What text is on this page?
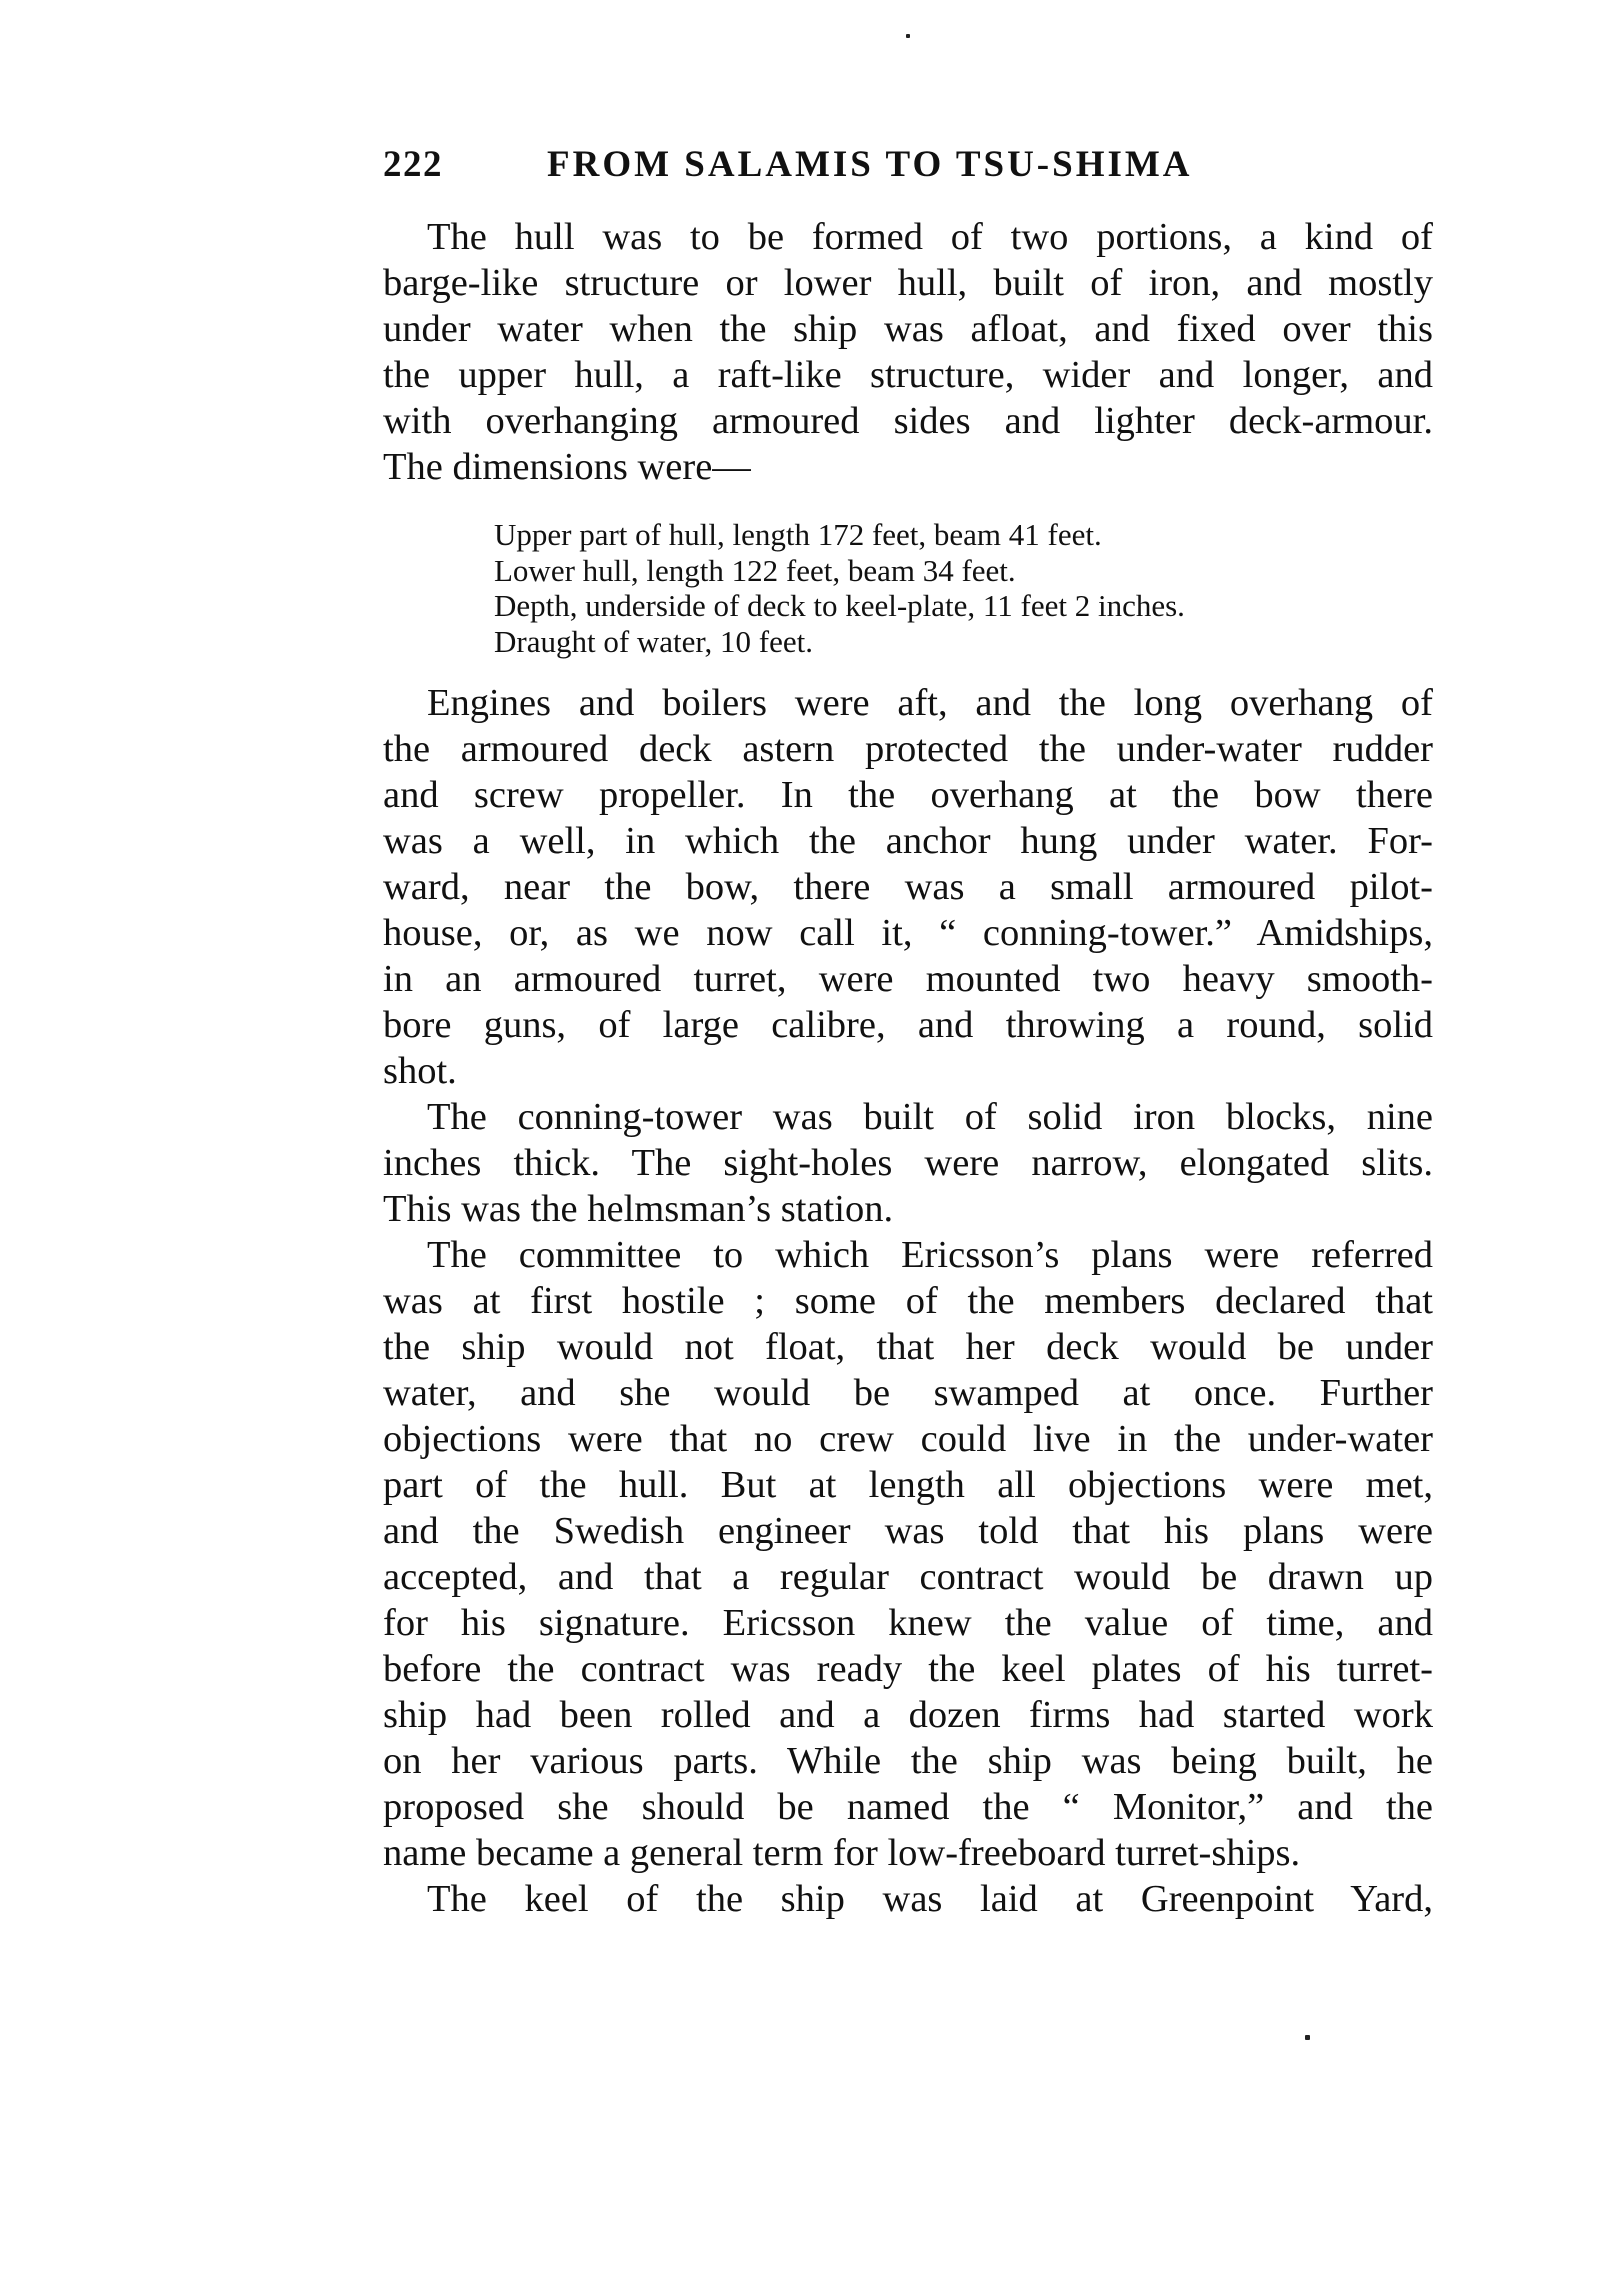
222	FROM SALAMIS TO TSU-SHIMA
The hull was to be formed of two portions, a kind of
barge-like structure or lower hull, built of iron, and mostly
under water when the ship was afloat, and fixed over this
the upper hull, a raft-like structure, wider and longer, and
with overhanging armoured sides and lighter deck-armour.
The dimensions were—
Upper part of hull, length 172 feet, beam 41 feet.
Lower hull, length 122 feet, beam 34 feet.
Depth, underside of deck to keel-plate, 11 feet 2 inches.
Draught of water, 10 feet.
Engines and boilers were aft, and the long overhang of
the armoured deck astern protected the under-water rudder
and screw propeller. In the overhang at the bow there
was a well, in which the anchor hung under water. For-
ward, near the bow, there was a small armoured pilot-
house, or, as we now call it, “ conning-tower.” Amidships,
in an armoured turret, were mounted two heavy smooth-
bore guns, of large calibre, and throwing a round, solid
shot.
The conning-tower was built of solid iron blocks, nine
inches thick. The sight-holes were narrow, elongated slits.
This was the helmsman’s station.
The committee to which Ericsson’s plans were referred
was at first hostile ; some of the members declared that
the ship would not float, that her deck would be under
water, and she would be swamped at once. Further
objections were that no crew could live in the under-water
part of the hull. But at length all objections were met,
and the Swedish engineer was told that his plans were
accepted, and that a regular contract would be drawn up
for his signature. Ericsson knew the value of time, and
before the contract was ready the keel plates of his turret-
ship had been rolled and a dozen firms had started work
on her various parts. While the ship was being built, he
proposed she should be named the “ Monitor,” and the
name became a general term for low-freeboard turret-ships.
The keel of the ship was laid at Greenpoint Yard,
